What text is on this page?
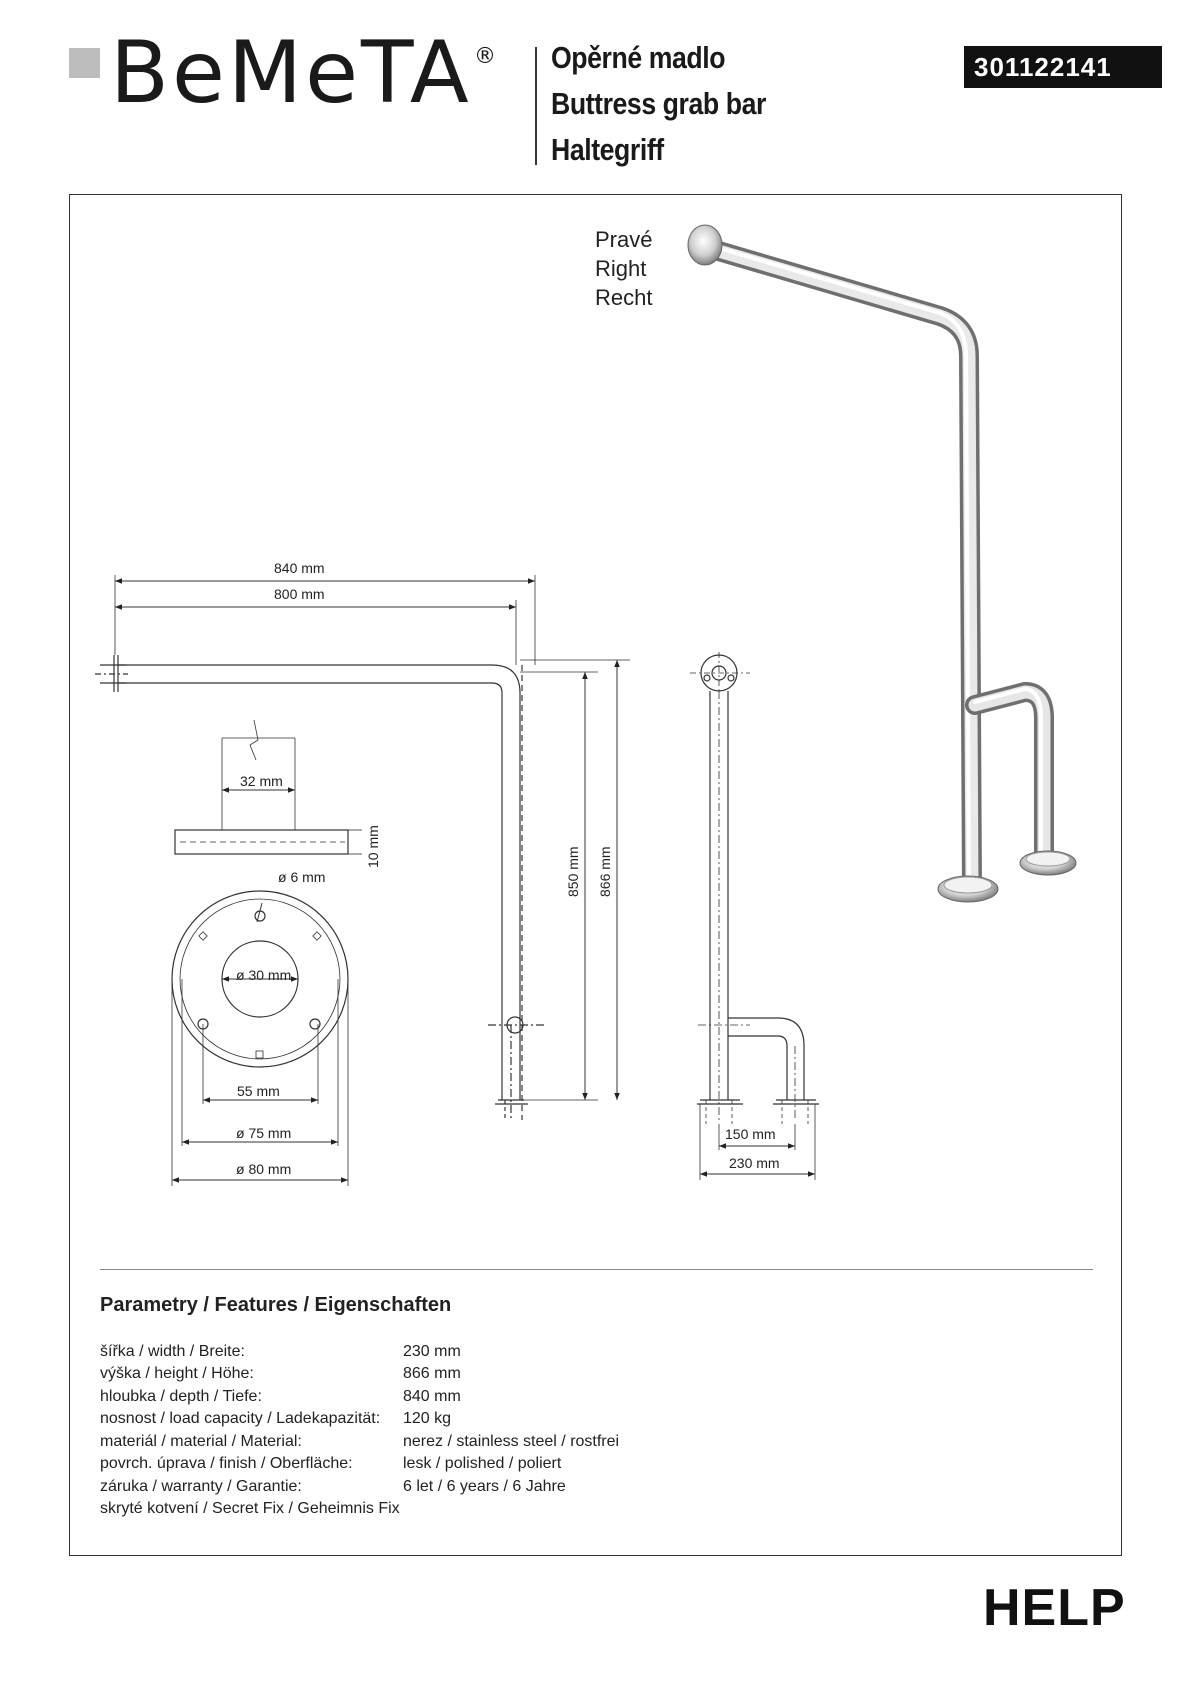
BeMeTA ® Opěrné madlo
Buttress grab bar
Haltegriff
301122141
Pravé
Right
Recht
840 mm
800 mm
850 mm 866 mm
32 mm
10 mm
ø 6 mm
ø 30 mm
55 mm
ø 75 mm
ø 80 mm
150 mm
230 mm
Parametry / Features / Eigenschaften
šířka / width / Breite:	230 mm
výška / height / Höhe:	866 mm
hloubka / depth / Tiefe:	840 mm
nosnost / load capacity / Ladekapazität: 120 kg
materiál / material / Material:	nerez / stainless steel / rostfrei
povrch. úprava / finish / Oberfläche:	lesk / polished / poliert
záruka / warranty / Garantie:	6 let / 6 years / 6 Jahre
skryté kotvení / Secret Fix / Geheimnis Fix
HELP
